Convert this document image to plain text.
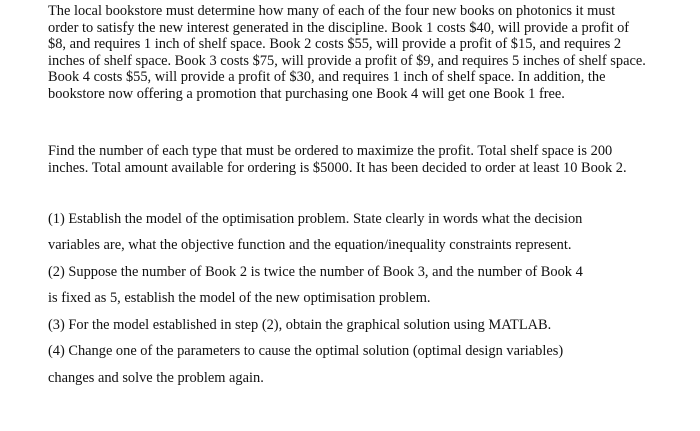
The local bookstore must determine how many of each of the four new books on photonics it must order to satisfy the new interest generated in the discipline. Book 1 costs $40, will provide a profit of $8, and requires 1 inch of shelf space. Book 2 costs $55, will provide a profit of $15, and requires 2 inches of shelf space. Book 3 costs $75, will provide a profit of $9, and requires 5 inches of shelf space. Book 4 costs $55, will provide a profit of $30, and requires 1 inch of shelf space. In addition, the bookstore now offering a promotion that purchasing one Book 4 will get one Book 1 free.

Find the number of each type that must be ordered to maximize the profit. Total shelf space is 200 inches. Total amount available for ordering is $5000. It has been decided to order at least 10 Book 2.

(1) Establish the model of the optimisation problem. State clearly in words what the decision

variables are, what the objective function and the equation/inequality constraints represent.

(2) Suppose the number of Book 2 is twice the number of Book 3, and the number of Book 4

is fixed as 5, establish the model of the new optimisation problem.

(3) For the model established in step (2), obtain the graphical solution using MATLAB.

(4) Change one of the parameters to cause the optimal solution (optimal design variables)

changes and solve the problem again.
